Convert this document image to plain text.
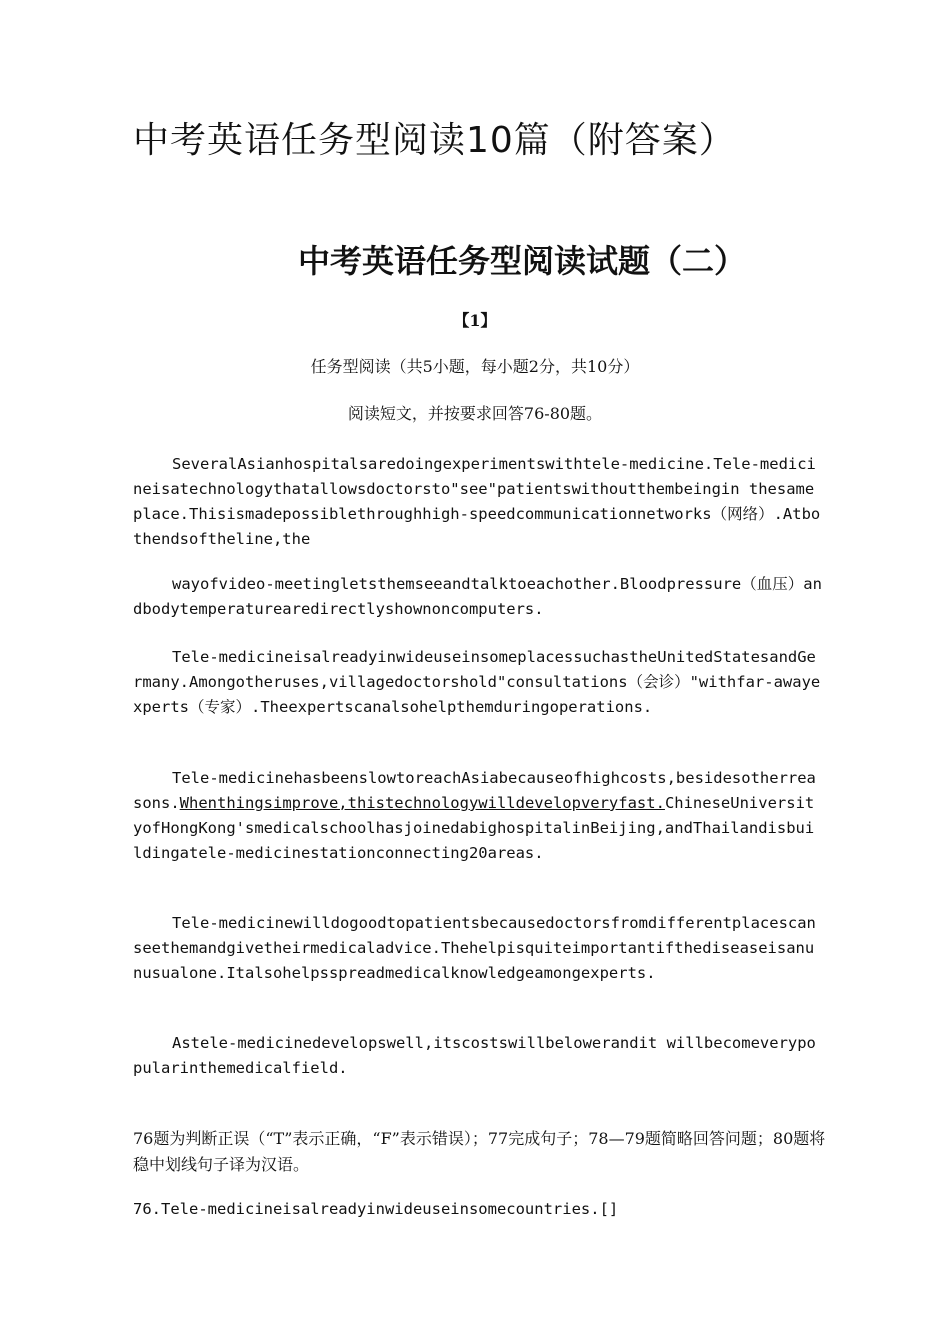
中考英语任务型阅读10篇（附答案）
中考英语任务型阅读试题（二）
【1】
任务型阅读（共5小题，每小题2分，共10分）
阅读短文，并按要求回答76-80题。

SeveralAsianhospitalsaredoingexperimentswithtele-medicine.Tele-medicineisatechnologythatallowsdoctorsto"see"patientswithoutthembeingin thesameplace.Thisismadepossiblethroughhigh-speedcommunicationnetworks（网络）.Atbothendsoftheline,the

wayofvideo-meetingletsthemseeandtalktoeachother.Bloodpressure（血压）andbodytemperaturearedirectlyshownoncomputers.

Tele-medicineisalreadyinwideuseinsomeplacessuchastheUnitedStatesandGermany.Amongotheruses,villagedoctorshold"consultations（会诊）"withfar-awayexperts（专家）.Theexpertscanalsohelpthemduringoperations.

Tele-medicinehasbeenslowtoreachAsiabecauseofhighcosts,besidesotherreasons.Whenthingsimprove,thistechnologywilldevelopveryfast.ChineseUniversityofHongKong'smedicalschoolhasjoinedabighospitalinBeijing,andThailandisbuildingatele-medicinestationconnecting20areas.

Tele-medicinewilldogoodtopatientsbecausedoctorsfromdifferentplacescanseethemandgivetheirmedicaladvice.Thehelpisquiteimportantifthediseaseisanunusualone.Italsohelpsspreadmedicalknowledgeamongexperts.

Astele-medicinedevelopswell,itscostswillbelowerandit willbecomeverypopularinthemedicalfield.

76题为判断正误（“T”表示正确，“F”表示错误）；77完成句子；78—79题简略回答问题；80题将稳中划线句子译为汉语。

76.Tele-medicineisalreadyinwideuseinsomecountries.[]
